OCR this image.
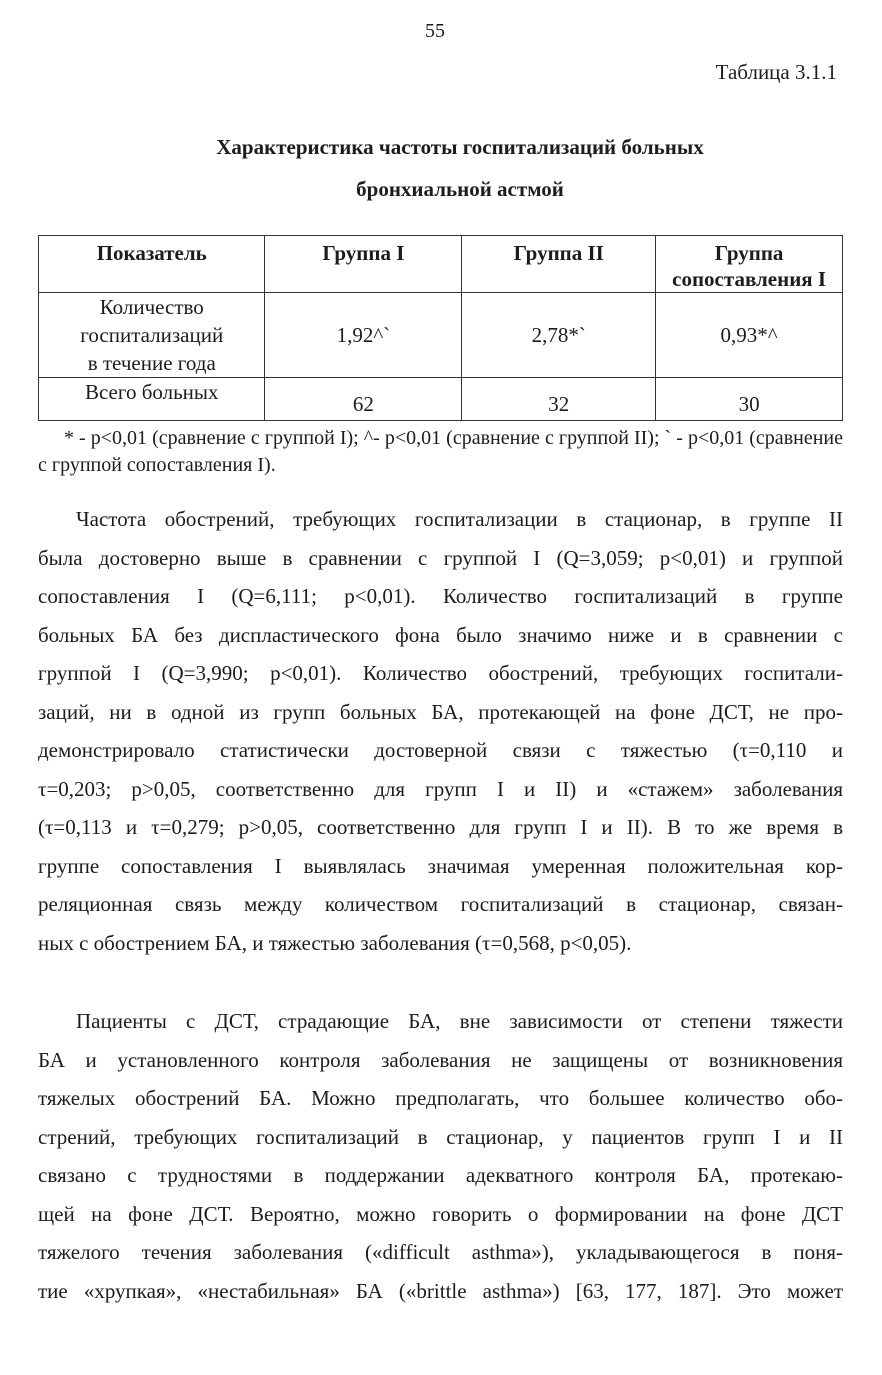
55
Таблица 3.1.1
Характеристика частоты госпитализаций больных
бронхиальной астмой
Показатель	Группа I	Группа II	Группа сопоставления I

Количество
госпитализаций
в течение года	1,92^`	2,78*`	0,93*^

Всего больных	62	32	30
* - р<0,01 (сравнение с группой I); ^- р<0,01 (сравнение с группой II); ` - р<0,01 (сравнение с группой сопоставления I).
Частота обострений, требующих госпитализации в стационар, в группе II
была достоверно выше в сравнении с группой I (Q=3,059; р<0,01) и группой
сопоставления I (Q=6,111; р<0,01). Количество госпитализаций в группе
больных БА без диспластического фона было значимо ниже и в сравнении с
группой I (Q=3,990; р<0,01). Количество обострений, требующих госпитали-
заций, ни в одной из групп больных БА, протекающей на фоне ДСТ, не про-
демонстрировало статистически достоверной связи с тяжестью (τ=0,110 и
τ=0,203; р>0,05, соответственно для групп I и II) и «стажем» заболевания
(τ=0,113 и τ=0,279; р>0,05, соответственно для групп I и II). В то же время в
группе сопоставления I выявлялась значимая умеренная положительная кор-
реляционная связь между количеством госпитализаций в стационар, связан-
ных с обострением БА, и тяжестью заболевания (τ=0,568, р<0,05).
Пациенты с ДСТ, страдающие БА, вне зависимости от степени тяжести
БА и установленного контроля заболевания не защищены от возникновения
тяжелых обострений БА. Можно предполагать, что большее количество обо-
стрений, требующих госпитализаций в стационар, у пациентов групп I и II
связано с трудностями в поддержании адекватного контроля БА, протекаю-
щей на фоне ДСТ. Вероятно, можно говорить о формировании на фоне ДСТ
тяжелого течения заболевания («difficult asthma»), укладывающегося в поня-
тие «хрупкая», «нестабильная» БА («brittle asthma») [63, 177, 187]. Это может
